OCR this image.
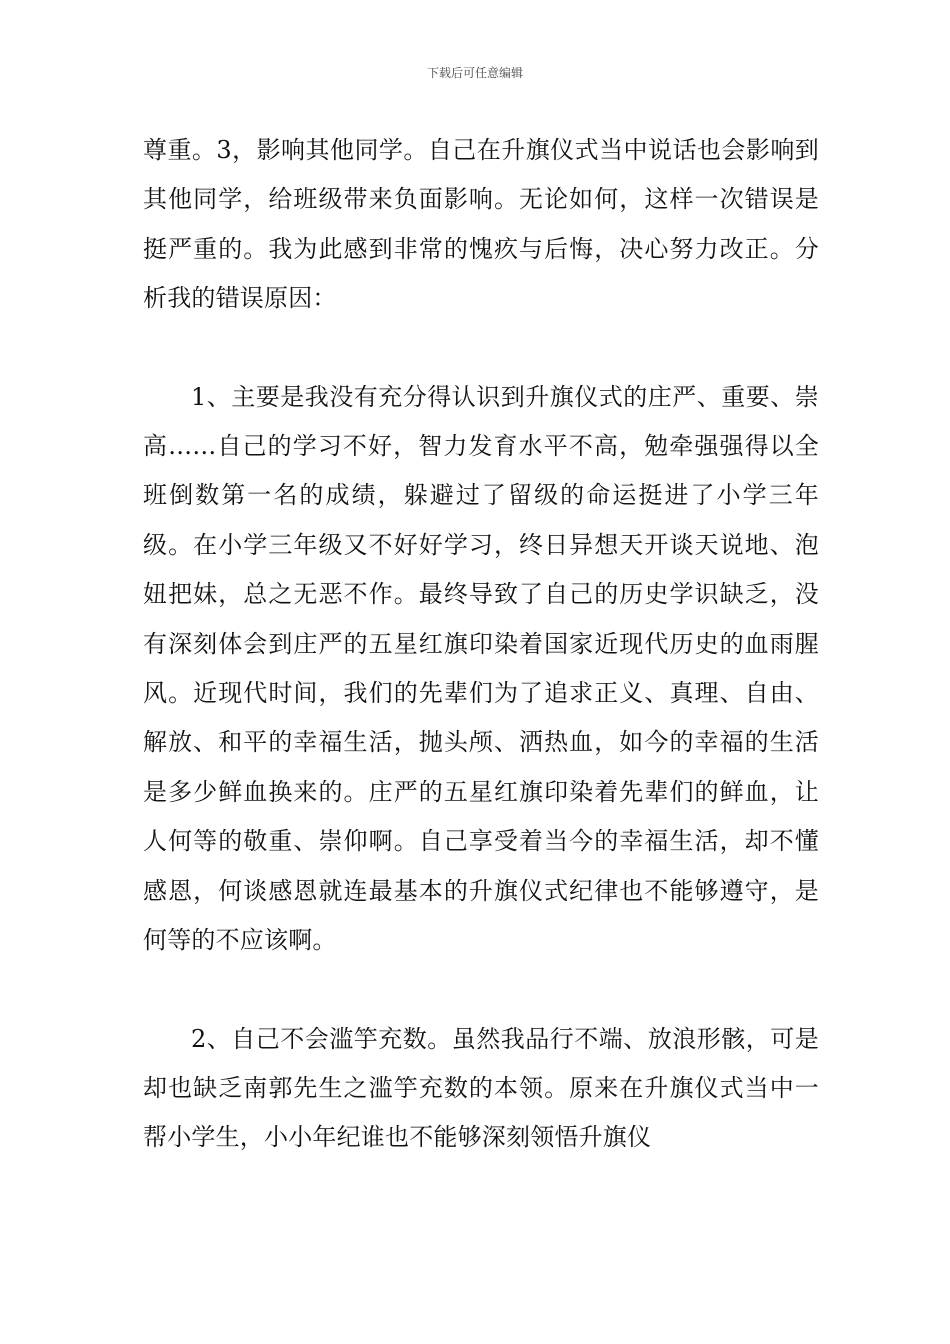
下载后可任意编辑

尊重。3，影响其他同学。自己在升旗仪式当中说话也会影响到其他同学，给班级带来负面影响。无论如何，这样一次错误是挺严重的。我为此感到非常的愧疚与后悔，决心努力改正。分析我的错误原因：

1、主要是我没有充分得认识到升旗仪式的庄严、重要、崇高……自己的学习不好，智力发育水平不高，勉牵强强得以全班倒数第一名的成绩，躲避过了留级的命运挺进了小学三年级。在小学三年级又不好好学习，终日异想天开谈天说地、泡妞把妹，总之无恶不作。最终导致了自己的历史学识缺乏，没有深刻体会到庄严的五星红旗印染着国家近现代历史的血雨腥风。近现代时间，我们的先辈们为了追求正义、真理、自由、解放、和平的幸福生活，抛头颅、洒热血，如今的幸福的生活是多少鲜血换来的。庄严的五星红旗印染着先辈们的鲜血，让人何等的敬重、崇仰啊。自己享受着当今的幸福生活，却不懂感恩，何谈感恩就连最基本的升旗仪式纪律也不能够遵守，是何等的不应该啊。

2、自己不会滥竽充数。虽然我品行不端、放浪形骸，可是却也缺乏南郭先生之滥竽充数的本领。原来在升旗仪式当中一帮小学生，小小年纪谁也不能够深刻领悟升旗仪
